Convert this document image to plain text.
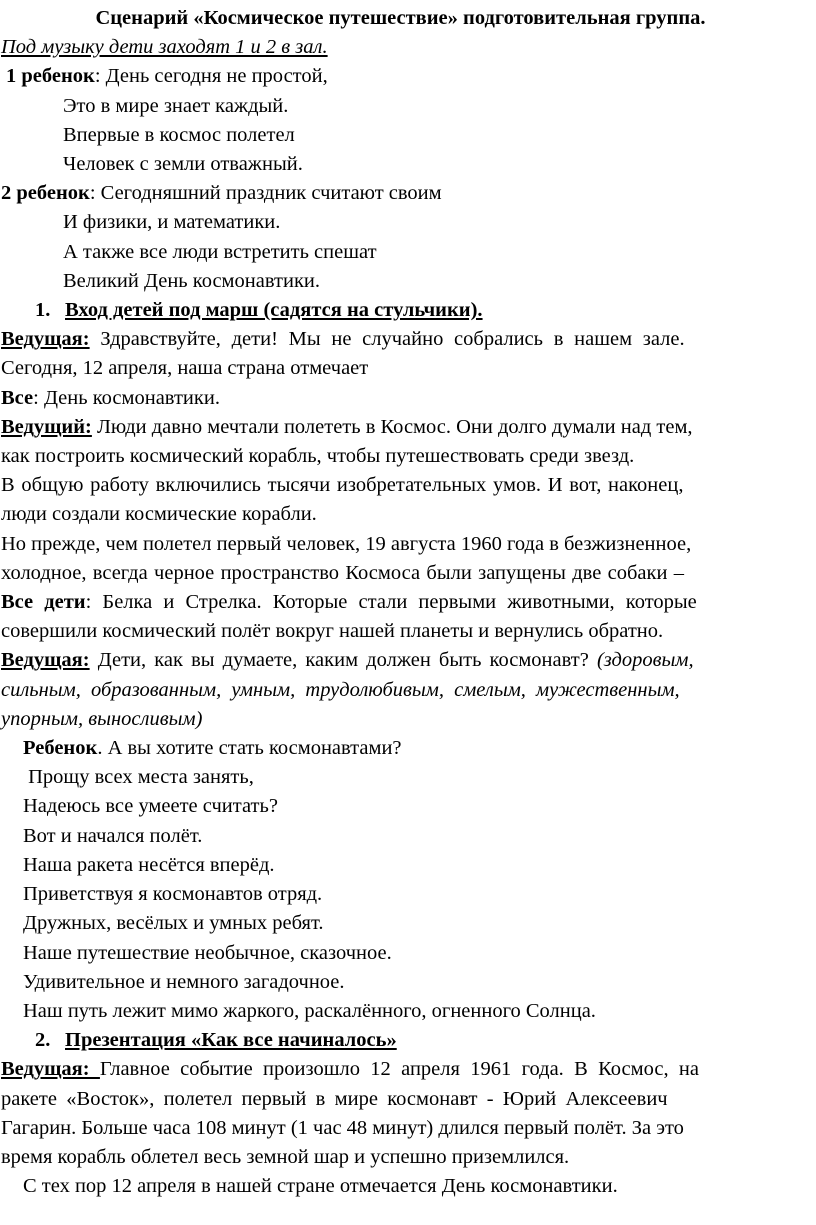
Сценарий «Космическое путешествие» подготовительная группа.
Под музыку дети заходят 1 и 2 в зал.
1 ребенок: День сегодня не простой,
Это в мире знает каждый.
Впервые в космос полетел
Человек с земли отважный.
2 ребенок: Сегодняшний праздник считают своим
И физики, и математики.
А также все люди встретить спешат
Великий День космонавтики.
1. Вход детей под марш (садятся на стульчики).
Ведущая: Здравствуйте, дети! Мы не случайно собрались в нашем зале.
Сегодня, 12 апреля, наша страна отмечает
Все: День космонавтики.
Ведущий: Люди давно мечтали полететь в Космос. Они долго думали над тем,
как построить космический корабль, чтобы путешествовать среди звезд.
В общую работу включились тысячи изобретательных умов. И вот, наконец,
люди создали космические корабли.
Но прежде, чем полетел первый человек, 19 августа 1960 года в безжизненное,
холодное, всегда черное пространство Космоса были запущены две собаки –
Все дети: Белка и Стрелка. Которые стали первыми животными, которые
совершили космический полёт вокруг нашей планеты и вернулись обратно.
Ведущая: Дети, как вы думаете, каким должен быть космонавт? (здоровым,
сильным, образованным, умным, трудолюбивым, смелым, мужественным,
упорным, выносливым)
Ребенок. А вы хотите стать космонавтами?
Прощу всех места занять,
Надеюсь все умеете считать?
Вот и начался полёт.
Наша ракета несётся вперёд.
Приветствуя я космонавтов отряд.
Дружных, весёлых и умных ребят.
Наше путешествие необычное, сказочное.
Удивительное и немного загадочное.
Наш путь лежит мимо жаркого, раскалённого, огненного Солнца.
2. Презентация «Как все начиналось»
Ведущая: Главное событие произошло 12 апреля 1961 года. В Космос, на
ракете «Восток», полетел первый в мире космонавт - Юрий Алексеевич
Гагарин. Больше часа 108 минут (1 час 48 минут) длился первый полёт. За это
время корабль облетел весь земной шар и успешно приземлился.
С тех пор 12 апреля в нашей стране отмечается День космонавтики.
